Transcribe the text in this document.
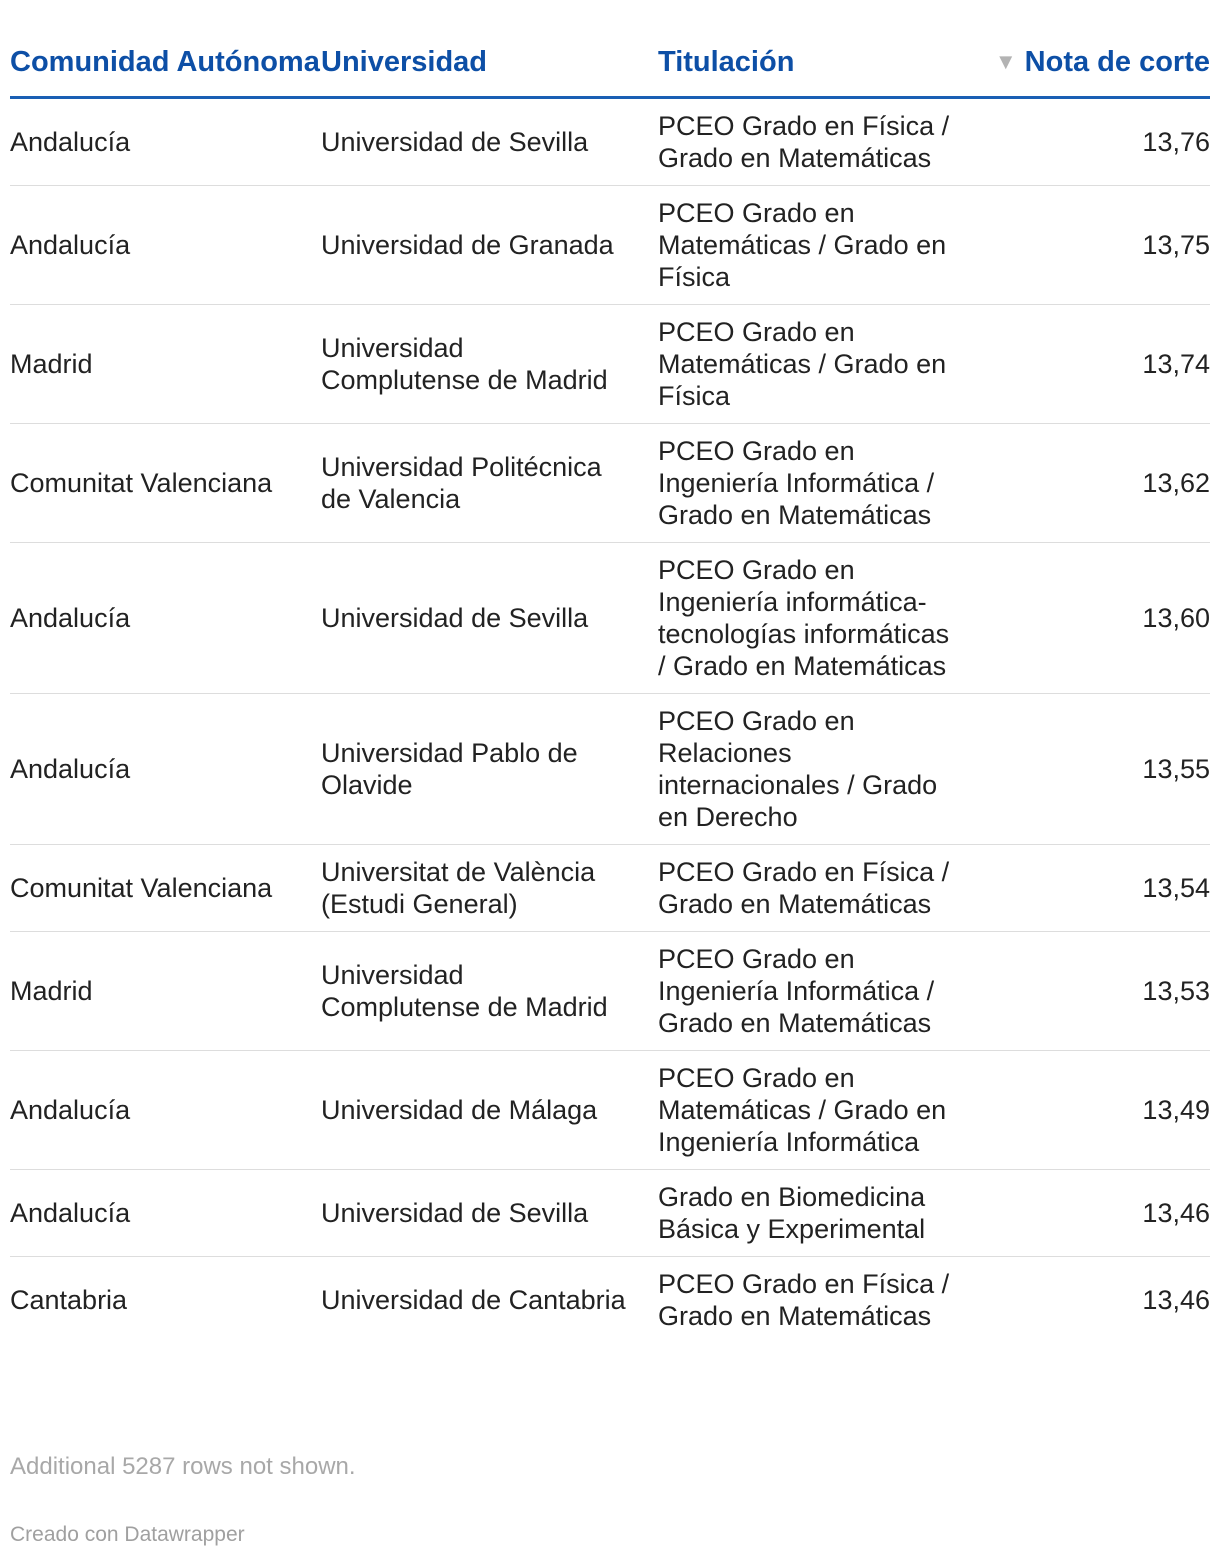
Comunidad Autónoma	Universidad	Titulación	▼ Nota de corte
Andalucía	Universidad de Sevilla	PCEO Grado en Física / Grado en Matemáticas	13,76
Andalucía	Universidad de Granada	PCEO Grado en Matemáticas / Grado en Física	13,75
Madrid	Universidad Complutense de Madrid	PCEO Grado en Matemáticas / Grado en Física	13,74
Comunitat Valenciana	Universidad Politécnica de Valencia	PCEO Grado en Ingeniería Informática / Grado en Matemáticas	13,62
Andalucía	Universidad de Sevilla	PCEO Grado en Ingeniería informática-tecnologías informáticas / Grado en Matemáticas	13,60
Andalucía	Universidad Pablo de Olavide	PCEO Grado en Relaciones internacionales / Grado en Derecho	13,55
Comunitat Valenciana	Universitat de València (Estudi General)	PCEO Grado en Física / Grado en Matemáticas	13,54
Madrid	Universidad Complutense de Madrid	PCEO Grado en Ingeniería Informática / Grado en Matemáticas	13,53
Andalucía	Universidad de Málaga	PCEO Grado en Matemáticas / Grado en Ingeniería Informática	13,49
Andalucía	Universidad de Sevilla	Grado en Biomedicina Básica y Experimental	13,46
Cantabria	Universidad de Cantabria	PCEO Grado en Física / Grado en Matemáticas	13,46
Additional 5287 rows not shown.
Creado con Datawrapper
